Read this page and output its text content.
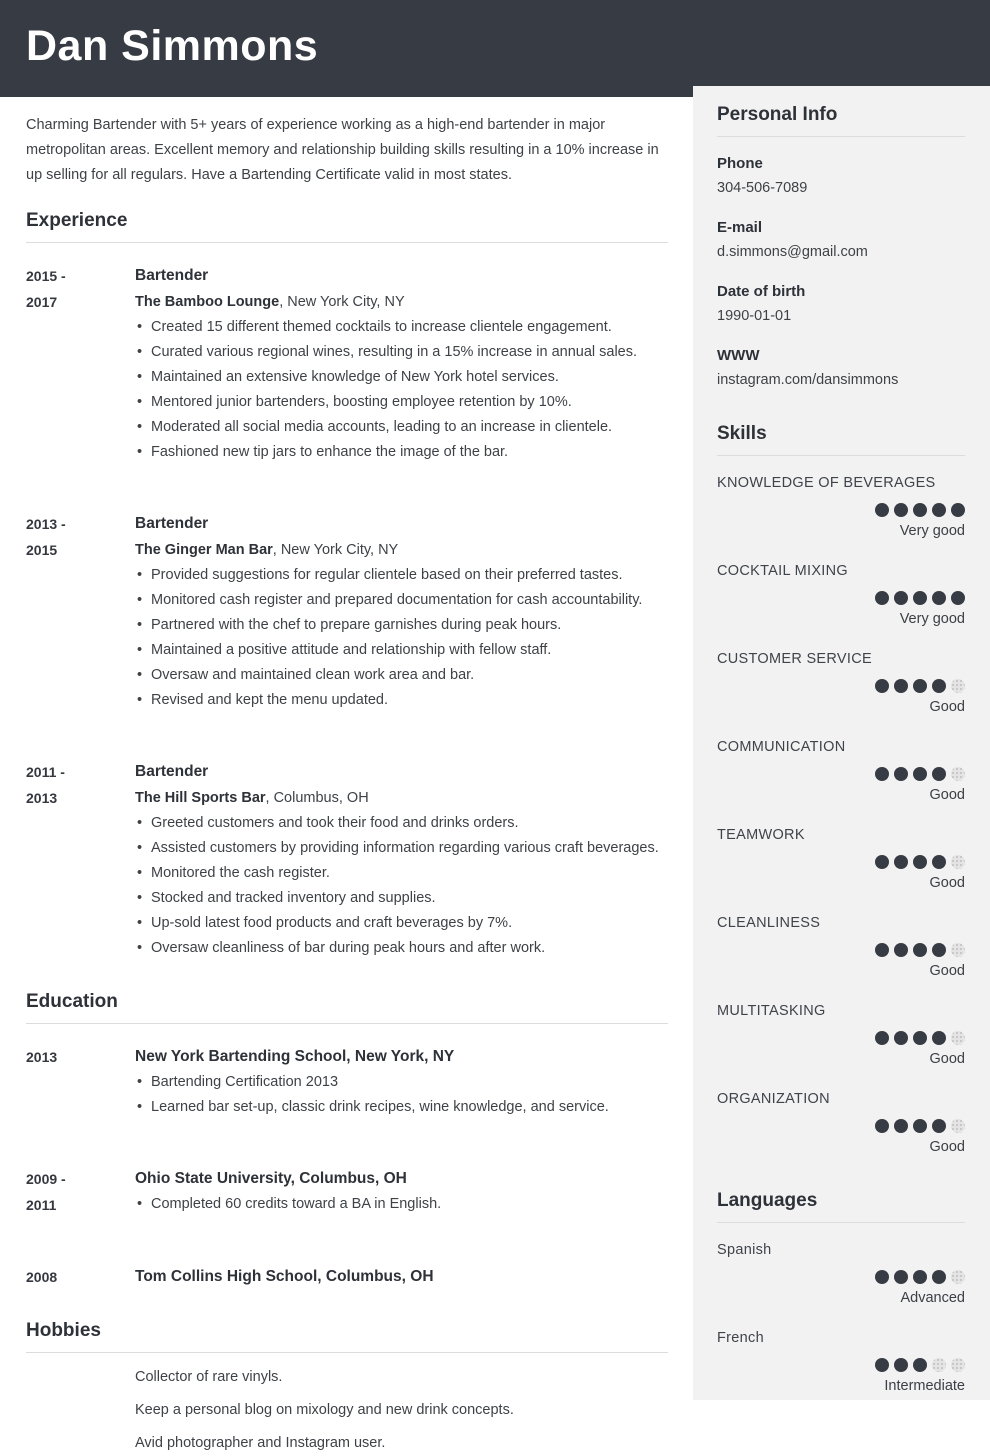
Dan Simmons

Charming Bartender with 5+ years of experience working as a high-end bartender in major metropolitan areas. Excellent memory and relationship building skills resulting in a 10% increase in up selling for all regulars. Have a Bartending Certificate valid in most states.

Experience
2015 -
2017
Bartender
The Bamboo Lounge, New York City, NY
• Created 15 different themed cocktails to increase clientele engagement.
• Curated various regional wines, resulting in a 15% increase in annual sales.
• Maintained an extensive knowledge of New York hotel services.
• Mentored junior bartenders, boosting employee retention by 10%.
• Moderated all social media accounts, leading to an increase in clientele.
• Fashioned new tip jars to enhance the image of the bar.
2013 -
2015
Bartender
The Ginger Man Bar, New York City, NY
• Provided suggestions for regular clientele based on their preferred tastes.
• Monitored cash register and prepared documentation for cash accountability.
• Partnered with the chef to prepare garnishes during peak hours.
• Maintained a positive attitude and relationship with fellow staff.
• Oversaw and maintained clean work area and bar.
• Revised and kept the menu updated.
2011 -
2013
Bartender
The Hill Sports Bar, Columbus, OH
• Greeted customers and took their food and drinks orders.
• Assisted customers by providing information regarding various craft beverages.
• Monitored the cash register.
• Stocked and tracked inventory and supplies.
• Up-sold latest food products and craft beverages by 7%.
• Oversaw cleanliness of bar during peak hours and after work.
Education
2013	New York Bartending School, New York, NY
• Bartending Certification 2013
• Learned bar set-up, classic drink recipes, wine knowledge, and service.
2009 -
2011
Ohio State University, Columbus, OH
• Completed 60 credits toward a BA in English.
2008	Tom Collins High School, Columbus, OH
Hobbies

Collector of rare vinyls.

Keep a personal blog on mixology and new drink concepts.

Avid photographer and Instagram user.

Personal Info
Phone
304-506-7089
E-mail
d.simmons@gmail.com
Date of birth
1990-01-01
WWW
instagram.com/dansimmons
Skills
KNOWLEDGE OF BEVERAGES
Very good
COCKTAIL MIXING
Very good
CUSTOMER SERVICE
Good
COMMUNICATION
Good
TEAMWORK
Good
CLEANLINESS
Good
MULTITASKING
Good
ORGANIZATION
Good
Languages
Spanish
Advanced
French
Intermediate
